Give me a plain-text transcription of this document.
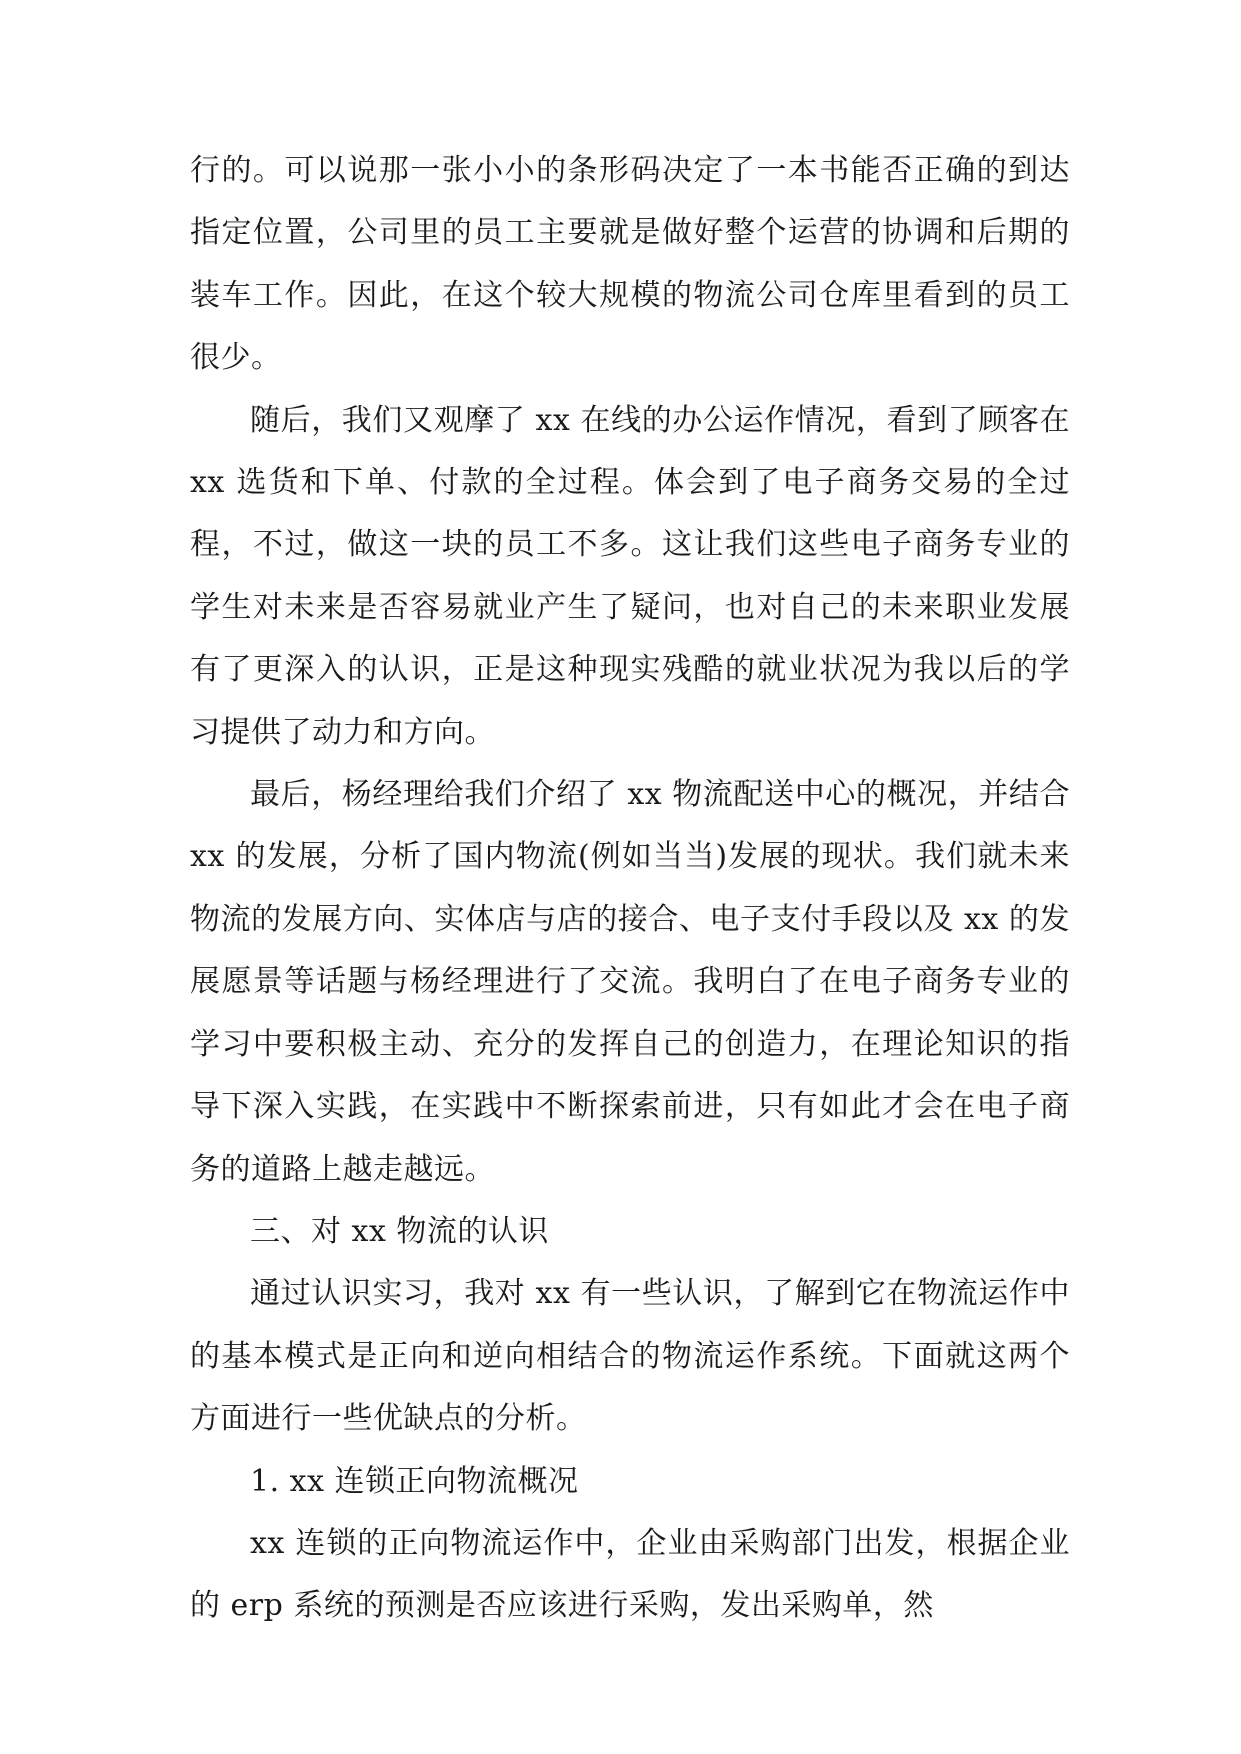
行的。可以说那一张小小的条形码决定了一本书能否正确的到达指定位置，公司里的员工主要就是做好整个运营的协调和后期的装车工作。因此，在这个较大规模的物流公司仓库里看到的员工很少。

随后，我们又观摩了 xx 在线的办公运作情况，看到了顾客在 xx 选货和下单、付款的全过程。体会到了电子商务交易的全过程，不过，做这一块的员工不多。这让我们这些电子商务专业的学生对未来是否容易就业产生了疑问，也对自己的未来职业发展有了更深入的认识，正是这种现实残酷的就业状况为我以后的学习提供了动力和方向。

最后，杨经理给我们介绍了 xx 物流配送中心的概况，并结合 xx 的发展，分析了国内物流(例如当当)发展的现状。我们就未来物流的发展方向、实体店与店的接合、电子支付手段以及 xx 的发展愿景等话题与杨经理进行了交流。我明白了在电子商务专业的学习中要积极主动、充分的发挥自己的创造力，在理论知识的指导下深入实践，在实践中不断探索前进，只有如此才会在电子商务的道路上越走越远。

三、对 xx 物流的认识

通过认识实习，我对 xx 有一些认识，了解到它在物流运作中的基本模式是正向和逆向相结合的物流运作系统。下面就这两个方面进行一些优缺点的分析。

1. xx 连锁正向物流概况

xx 连锁的正向物流运作中，企业由采购部门出发，根据企业的 erp 系统的预测是否应该进行采购，发出采购单，然
